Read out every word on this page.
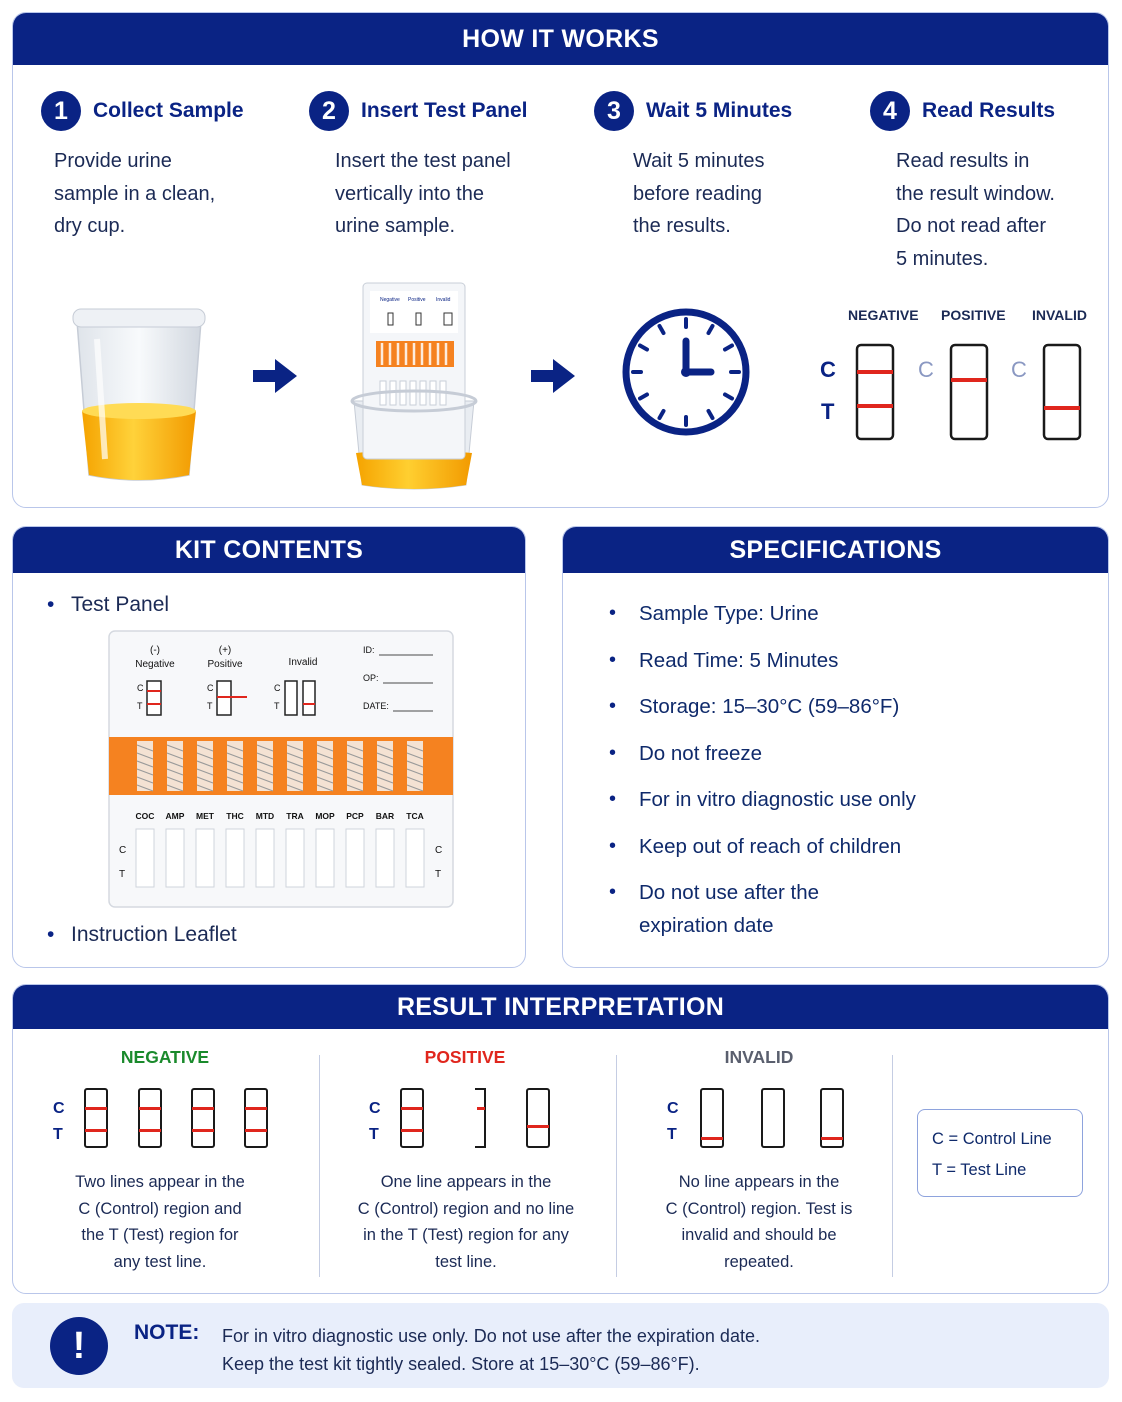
HOW IT WORKS
1	Collect Sample
Provide urine
sample in a clean,
dry cup.
2	Insert Test Panel
Insert the test panel
vertically into the
urine sample.
3	Wait 5 Minutes
Wait 5 minutes
before reading
the results.
4	Read Results
Read results in
the result window.
Do not read after
5 minutes.
Negative Positive Invalid
NEGATIVE POSITIVE INVALID
C
T
C	C
KIT CONTENTS
• Test Panel
• Instruction Leaflet
(-)
Negative
(+)
Positive	Invalid
C
T
C
T
C
T
ID:
OP:
DATE:
COC AMP MET THC MTD TRA MOP PCP BAR TCA
C
T
C
T
SPECIFICATIONS
• Sample Type: Urine
• Read Time: 5 Minutes
• Storage: 15–30°C (59–86°F)
• Do not freeze
• For in vitro diagnostic use only
• Keep out of reach of children
• Do not use after the
expiration date
RESULT INTERPRETATION
NEGATIVE	POSITIVE	INVALID
C
T
C
T
C
T
Two lines appear in the
C (Control) region and
the T (Test) region for
any test line.
One line appears in the
C (Control) region and no line
in the T (Test) region for any
test line.
No line appears in the
C (Control) region. Test is
invalid and should be
repeated.
C = Control Line
T = Test Line
!	NOTE: For in vitro diagnostic use only. Do not use after the expiration date.
Keep the test kit tightly sealed. Store at 15–30°C (59–86°F).
